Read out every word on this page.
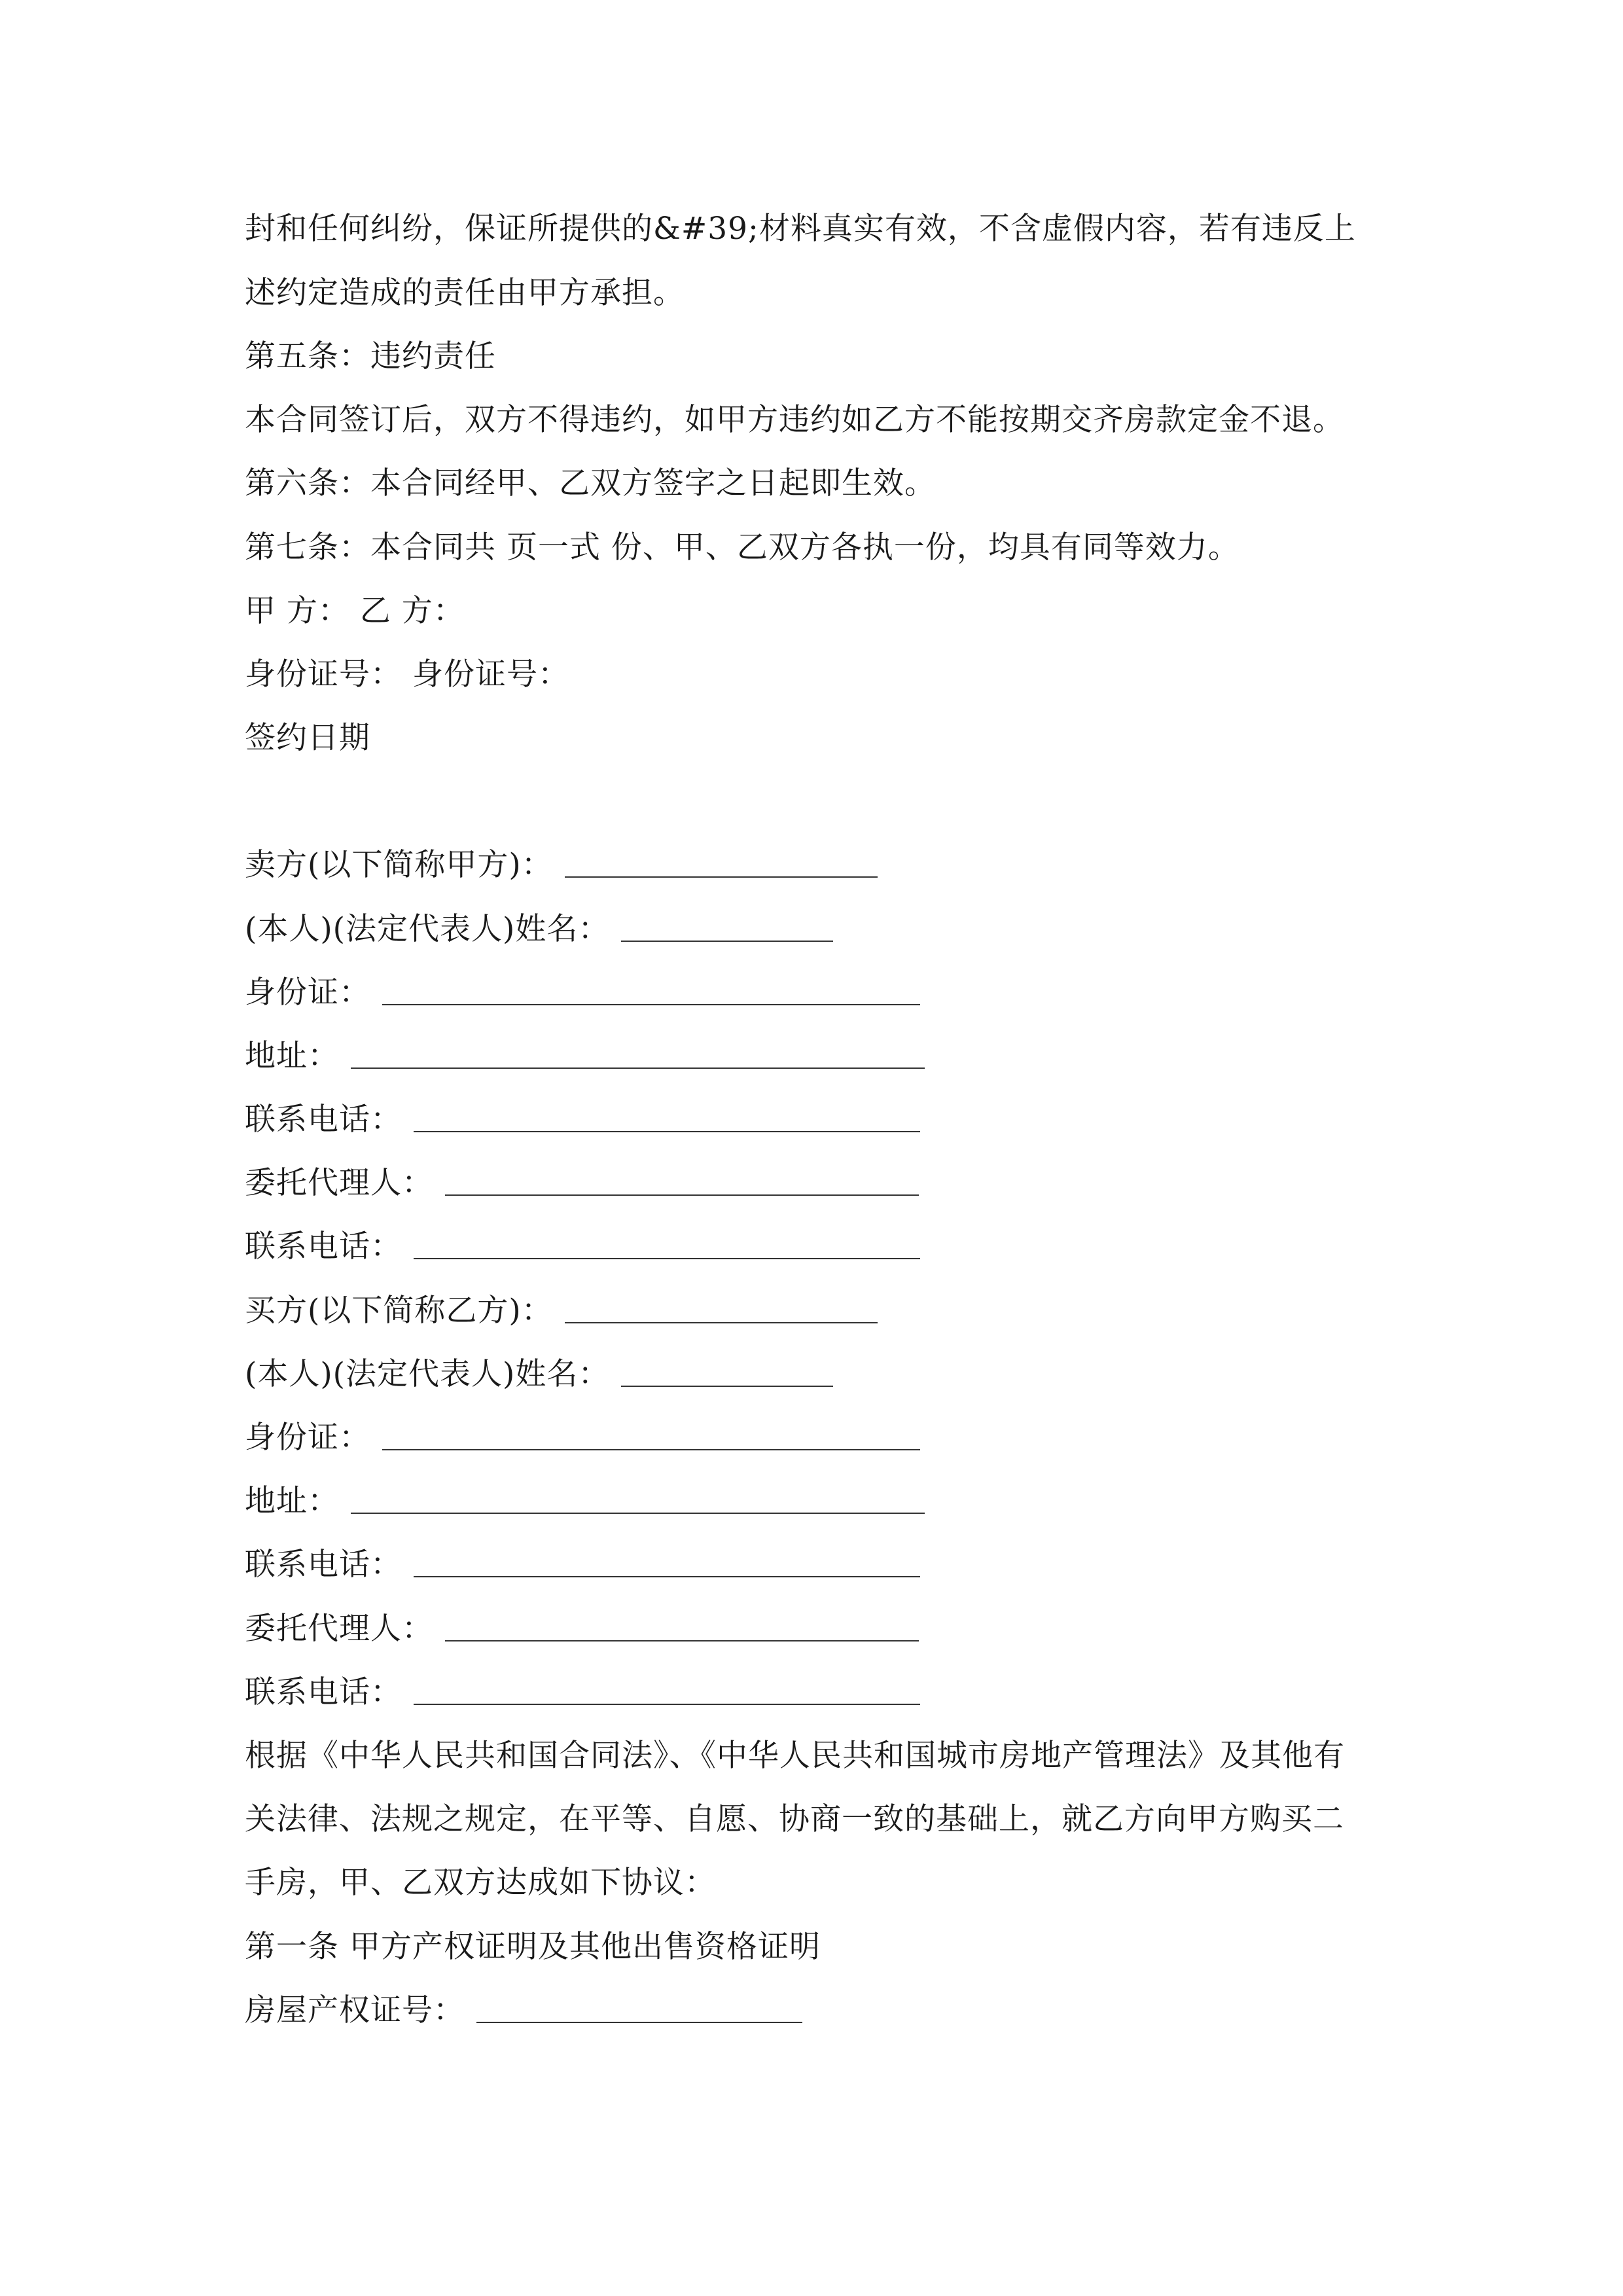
封和任何纠纷，保证所提供的&#39;材料真实有效，不含虚假内容，若有违反上
述约定造成的责任由甲方承担。
第五条：违约责任
本合同签订后，双方不得违约，如甲方违约如乙方不能按期交齐房款定金不退。
第六条：本合同经甲、乙双方签字之日起即生效。
第七条：本合同共 页一式 份、甲、乙双方各执一份，均具有同等效力。
甲 方： 乙 方：
身份证号： 身份证号：
签约日期
卖方(以下简称甲方)：
(本人)(法定代表人)姓名：
身份证：
地址：
联系电话：
委托代理人：
联系电话：
买方(以下简称乙方)：
(本人)(法定代表人)姓名：
身份证：
地址：
联系电话：
委托代理人：
联系电话：
根据《中华人民共和国合同法》、《中华人民共和国城市房地产管理法》及其他有
关法律、法规之规定，在平等、自愿、协商一致的基础上，就乙方向甲方购买二
手房，甲、乙双方达成如下协议：
第一条 甲方产权证明及其他出售资格证明
房屋产权证号：
